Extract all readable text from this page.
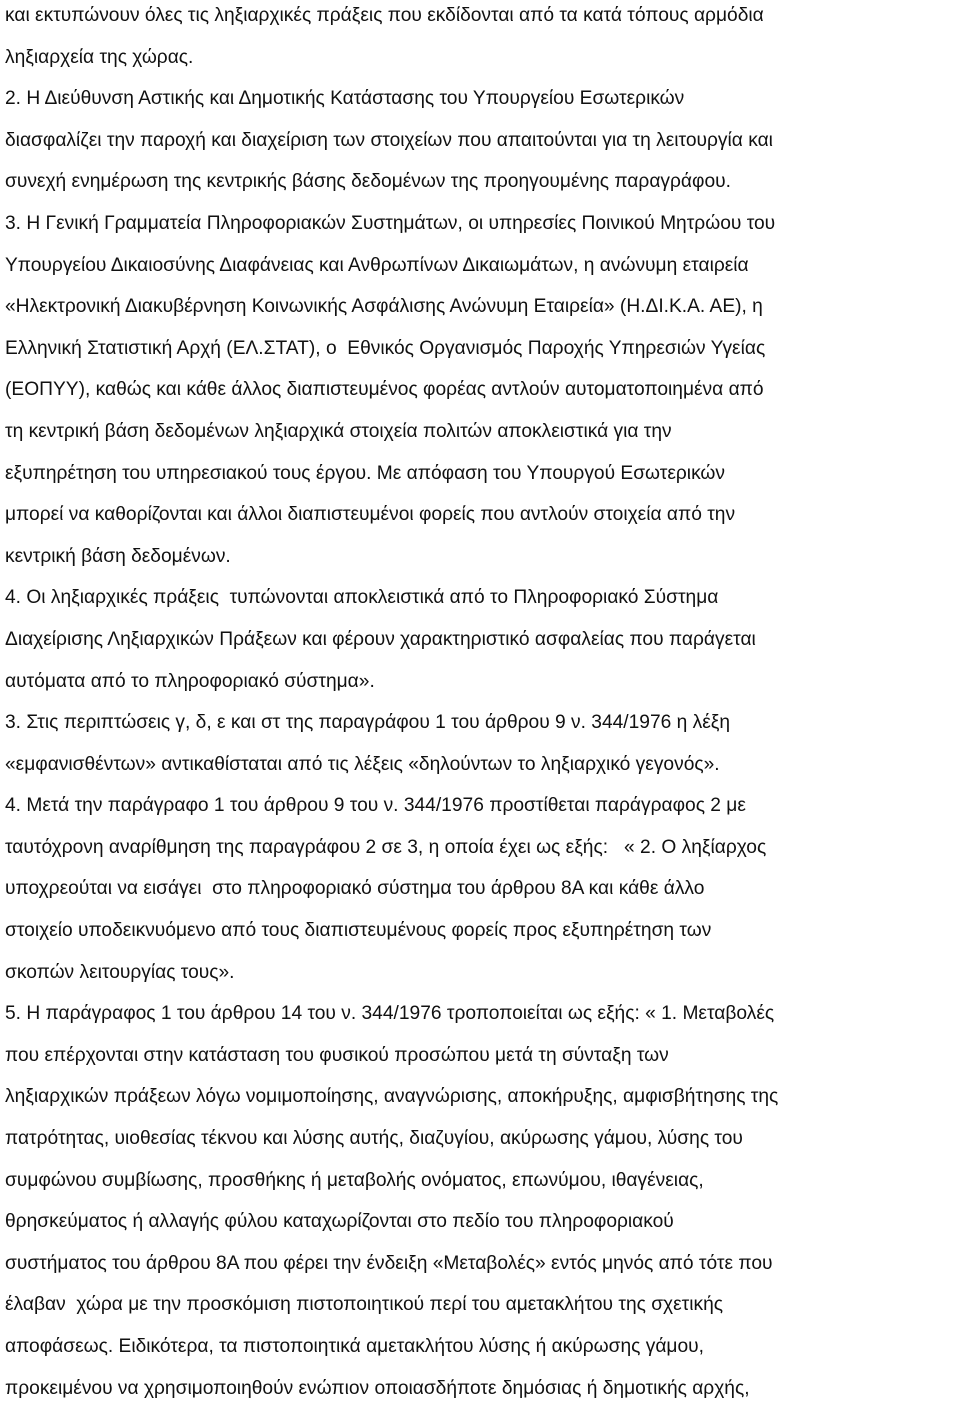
και εκτυπώνουν όλες τις ληξιαρχικές πράξεις που εκδίδονται από τα κατά τόπους αρμόδια
ληξιαρχεία της χώρας.
2. Η Διεύθυνση Αστικής και Δημοτικής Κατάστασης του Υπουργείου Εσωτερικών
διασφαλίζει την παροχή και διαχείριση των στοιχείων που απαιτούνται για τη λειτουργία και
συνεχή ενημέρωση της κεντρικής βάσης δεδομένων της προηγουμένης παραγράφου.
3. Η Γενική Γραμματεία Πληροφοριακών Συστημάτων, οι υπηρεσίες Ποινικού Μητρώου του
Υπουργείου Δικαιοσύνης Διαφάνειας και Ανθρωπίνων Δικαιωμάτων, η ανώνυμη εταιρεία
«Ηλεκτρονική Διακυβέρνηση Κοινωνικής Ασφάλισης Ανώνυμη Εταιρεία» (Η.ΔΙ.Κ.Α. ΑΕ), η
Ελληνική Στατιστική Αρχή (ΕΛ.ΣΤΑΤ), ο  Εθνικός Οργανισμός Παροχής Υπηρεσιών Υγείας
(ΕΟΠΥΥ), καθώς και κάθε άλλος διαπιστευμένος φορέας αντλούν αυτοματοποιημένα από
τη κεντρική βάση δεδομένων ληξιαρχικά στοιχεία πολιτών αποκλειστικά για την
εξυπηρέτηση του υπηρεσιακού τους έργου. Με απόφαση του Υπουργού Εσωτερικών
μπορεί να καθορίζονται και άλλοι διαπιστευμένοι φορείς που αντλούν στοιχεία από την
κεντρική βάση δεδομένων.
4. Οι ληξιαρχικές πράξεις  τυπώνονται αποκλειστικά από το Πληροφοριακό Σύστημα
Διαχείρισης Ληξιαρχικών Πράξεων και φέρουν χαρακτηριστικό ασφαλείας που παράγεται
αυτόματα από το πληροφοριακό σύστημα».
3. Στις περιπτώσεις γ, δ, ε και στ της παραγράφου 1 του άρθρου 9 ν. 344/1976 η λέξη
«εμφανισθέντων» αντικαθίσταται από τις λέξεις «δηλούντων το ληξιαρχικό γεγονός».
4. Μετά την παράγραφο 1 του άρθρου 9 του ν. 344/1976 προστίθεται παράγραφος 2 με
ταυτόχρονη αναρίθμηση της παραγράφου 2 σε 3, η οποία έχει ως εξής:   « 2. Ο ληξίαρχος
υποχρεούται να εισάγει  στο πληροφοριακό σύστημα του άρθρου 8Α και κάθε άλλο
στοιχείο υποδεικνυόμενο από τους διαπιστευμένους φορείς προς εξυπηρέτηση των
σκοπών λειτουργίας τους».
5. Η παράγραφος 1 του άρθρου 14 του ν. 344/1976 τροποποιείται ως εξής: « 1. Μεταβολές
που επέρχονται στην κατάσταση του φυσικού προσώπου μετά τη σύνταξη των
ληξιαρχικών πράξεων λόγω νομιμοποίησης, αναγνώρισης, αποκήρυξης, αμφισβήτησης της
πατρότητας, υιοθεσίας τέκνου και λύσης αυτής, διαζυγίου, ακύρωσης γάμου, λύσης του
συμφώνου συμβίωσης, προσθήκης ή μεταβολής ονόματος, επωνύμου, ιθαγένειας,
θρησκεύματος ή αλλαγής φύλου καταχωρίζονται στο πεδίο του πληροφοριακού
συστήματος του άρθρου 8Α που φέρει την ένδειξη «Μεταβολές» εντός μηνός από τότε που
έλαβαν  χώρα με την προσκόμιση πιστοποιητικού περί του αμετακλήτου της σχετικής
αποφάσεως. Ειδικότερα, τα πιστοποιητικά αμετακλήτου λύσης ή ακύρωσης γάμου,
προκειμένου να χρησιμοποιηθούν ενώπιον οποιασδήποτε δημόσιας ή δημοτικής αρχής,
